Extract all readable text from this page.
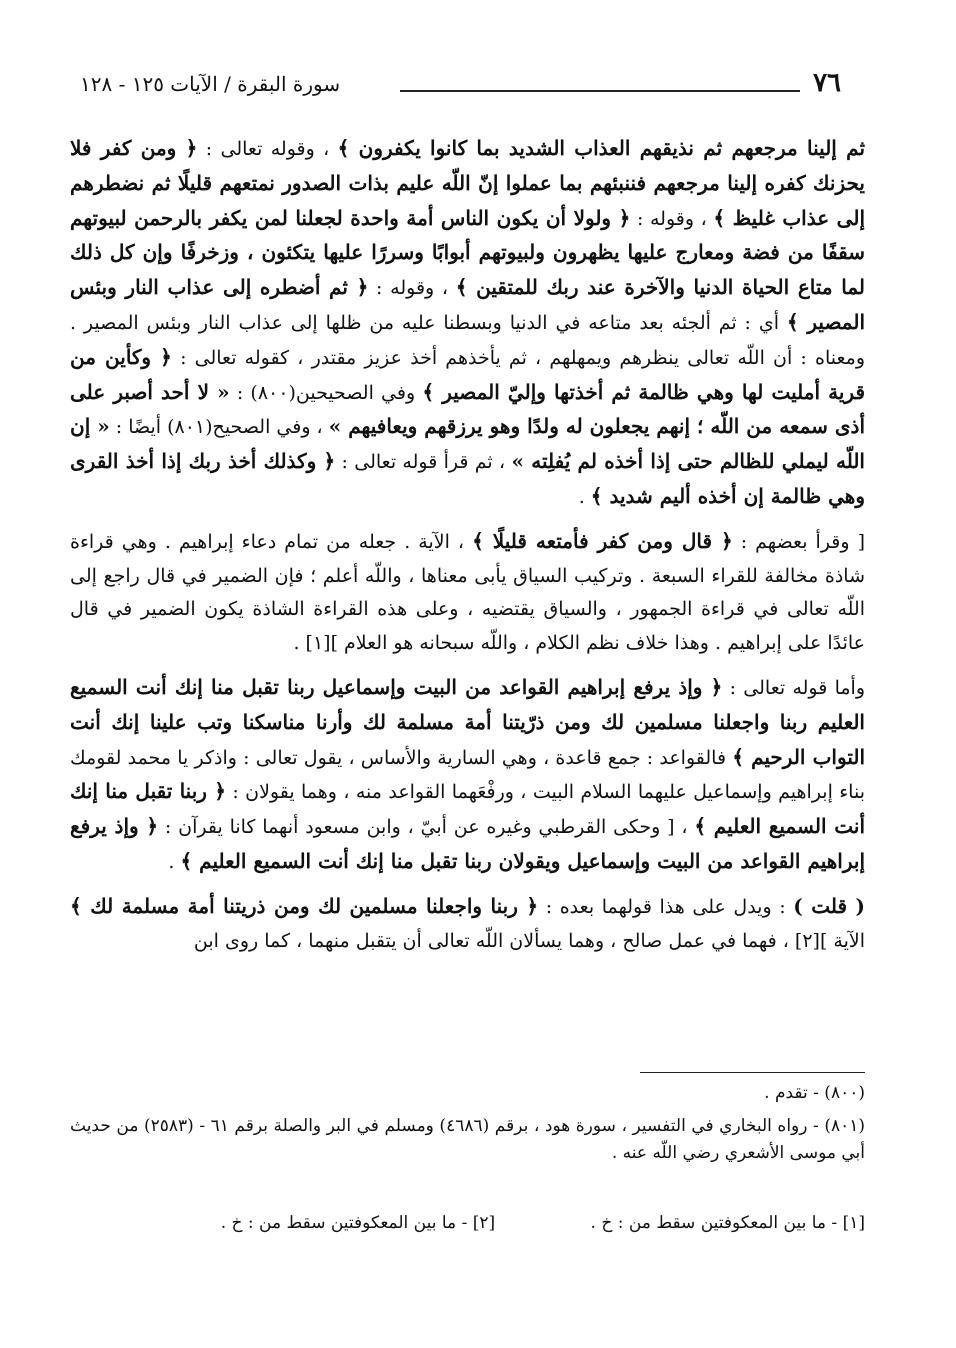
٧٦
سورة البقرة / الآيات ١٢٥ - ١٢٨

ثم إلينا مرجعهم ثم نذيقهم العذاب الشديد بما كانوا يكفرون ﴾ ، وقوله تعالى : ﴿ ومن كفر فلا يحزنك كفره إلينا مرجعهم فننبئهم بما عملوا إنّ اللّه عليم بذات الصدور نمتعهم قليلًا ثم نضطرهم إلى عذاب غليظ ﴾ ، وقوله : ﴿ ولولا أن يكون الناس أمة واحدة لجعلنا لمن يكفر بالرحمن لبيوتهم سقفًا من فضة ومعارج عليها يظهرون ولبيوتهم أبوابًا وسررًا عليها يتكئون ، وزخرفًا وإن كل ذلك لما متاع الحياة الدنيا والآخرة عند ربك للمتقين ﴾ ، وقوله : ﴿ ثم أضطره إلى عذاب النار وبئس المصير ﴾ أي : ثم ألجئه بعد متاعه في الدنيا وبسطنا عليه من ظلها إلى عذاب النار وبئس المصير . ومعناه : أن اللّه تعالى ينظرهم ويمهلهم ، ثم يأخذهم أخذ عزيز مقتدر ، كقوله تعالى : ﴿ وكأين من قرية أمليت لها وهي ظالمة ثم أخذتها وإليّ المصير ﴾ وفي الصحيحين(٨٠٠) : « لا أحد أصبر على أذى سمعه من اللّه ؛ إنهم يجعلون له ولدًا وهو يرزقهم ويعافيهم » ، وفي الصحيح(٨٠١) أيضًا : « إن اللّه ليملي للظالم حتى إذا أخذه لم يُفلِته » ، ثم قرأ قوله تعالى : ﴿ وكذلك أخذ ربك إذا أخذ القرى وهي ظالمة إن أخذه أليم شديد ﴾ .

[ وقرأ بعضهم : ﴿ قال ومن كفر فأمتعه قليلًا ﴾ ، الآية . جعله من تمام دعاء إبراهيم . وهي قراءة شاذة مخالفة للقراء السبعة . وتركيب السياق يأبى معناها ، واللّه أعلم ؛ فإن الضمير في قال راجع إلى اللّه تعالى في قراءة الجمهور ، والسياق يقتضيه ، وعلى هذه القراءة الشاذة يكون الضمير في قال عائدًا على إبراهيم . وهذا خلاف نظم الكلام ، واللّه سبحانه هو العلام ][١] .

وأما قوله تعالى : ﴿ وإذ يرفع إبراهيم القواعد من البيت وإسماعيل ربنا تقبل منا إنك أنت السميع العليم ربنا واجعلنا مسلمين لك ومن ذرّيتنا أمة مسلمة لك وأرنا مناسكنا وتب علينا إنك أنت التواب الرحيم ﴾ فالقواعد : جمع قاعدة ، وهي السارية والأساس ، يقول تعالى : واذكر يا محمد لقومك بناء إبراهيم وإسماعيل عليهما السلام البيت ، ورفْعَهما القواعد منه ، وهما يقولان : ﴿ ربنا تقبل منا إنك أنت السميع العليم ﴾ ، [ وحكى القرطبي وغيره عن أبيّ ، وابن مسعود أنهما كانا يقرآن : ﴿ وإذ يرفع إبراهيم القواعد من البيت وإسماعيل ويقولان ربنا تقبل منا إنك أنت السميع العليم ﴾ .

( قلت ) : ويدل على هذا قولهما بعده : ﴿ ربنا واجعلنا مسلمين لك ومن ذريتنا أمة مسلمة لك ﴾ الآية ][٢] ، فهما في عمل صالح ، وهما يسألان اللّه تعالى أن يتقبل منهما ، كما روى ابن

(٨٠٠) - تقدم .

(٨٠١) - رواه البخاري في التفسير ، سورة هود ، برقم (٤٦٨٦) ومسلم في البر والصلة برقم ٦١ - (٢٥٨٣) من حديث أبي موسى الأشعري رضي اللّه عنه .

[١] - ما بين المعكوفتين سقط من : خ . [٢] - ما بين المعكوفتين سقط من : خ .
